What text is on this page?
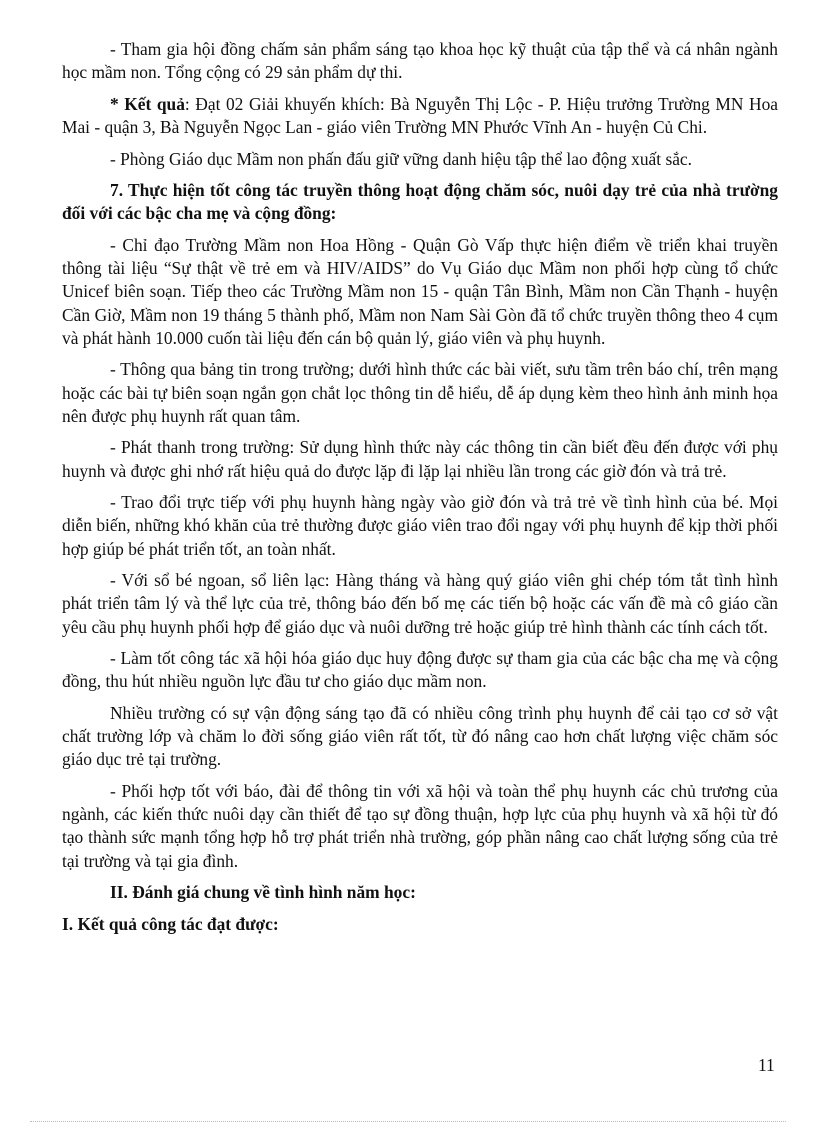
- Tham gia hội đồng chấm sản phẩm sáng tạo khoa học kỹ thuật của tập thể và cá nhân ngành học mầm non. Tổng cộng có 29 sản phẩm dự thi.

* Kết quả: Đạt 02 Giải khuyến khích: Bà Nguyễn Thị Lộc - P. Hiệu trưởng Trường MN Hoa Mai - quận 3, Bà Nguyễn Ngọc Lan - giáo viên Trường MN Phước Vĩnh An - huyện Củ Chi.

- Phòng Giáo dục Mầm non phấn đấu giữ vững danh hiệu tập thể lao động xuất sắc.

7. Thực hiện tốt công tác truyền thông hoạt động chăm sóc, nuôi dạy trẻ của nhà trường đối với các bậc cha mẹ và cộng đồng:

- Chỉ đạo Trường Mầm non Hoa Hồng - Quận Gò Vấp thực hiện điểm về triển khai truyền thông tài liệu “Sự thật về trẻ em và HIV/AIDS” do Vụ Giáo dục Mầm non phối hợp cùng tổ chức Unicef biên soạn. Tiếp theo các Trường Mầm non 15 - quận Tân Bình, Mầm non Cần Thạnh - huyện Cần Giờ, Mầm non 19 tháng 5 thành phố, Mầm non Nam Sài Gòn đã tổ chức truyền thông theo 4 cụm và phát hành 10.000 cuốn tài liệu đến cán bộ quản lý, giáo viên và phụ huynh.

- Thông qua bảng tin trong trường; dưới hình thức các bài viết, sưu tầm trên báo chí, trên mạng hoặc các bài tự biên soạn ngắn gọn chắt lọc thông tin dễ hiểu, dễ áp dụng kèm theo hình ảnh minh họa nên được phụ huynh rất quan tâm.

- Phát thanh trong trường: Sử dụng hình thức này các thông tin cần biết đều đến được với phụ huynh và được ghi nhớ rất hiệu quả do được lặp đi lặp lại nhiều lần trong các giờ đón và trả trẻ.

- Trao đổi trực tiếp với phụ huynh hàng ngày vào giờ đón và trả trẻ về tình hình của bé. Mọi diễn biến, những khó khăn của trẻ thường được giáo viên trao đổi ngay với phụ huynh để kịp thời phối hợp giúp bé phát triển tốt, an toàn nhất.

- Với sổ bé ngoan, sổ liên lạc: Hàng tháng và hàng quý giáo viên ghi chép tóm tắt tình hình phát triển tâm lý và thể lực của trẻ, thông báo đến bố mẹ các tiến bộ hoặc các vấn đề mà cô giáo cần yêu cầu phụ huynh phối hợp để giáo dục và nuôi dưỡng trẻ hoặc giúp trẻ hình thành các tính cách tốt.

- Làm tốt công tác xã hội hóa giáo dục huy động được sự tham gia của các bậc cha mẹ và cộng đồng, thu hút nhiều nguồn lực đầu tư cho giáo dục mầm non.

Nhiều trường có sự vận động sáng tạo đã có nhiều công trình phụ huynh để cải tạo cơ sở vật chất trường lớp và chăm lo đời sống giáo viên rất tốt, từ đó nâng cao hơn chất lượng việc chăm sóc giáo dục trẻ tại trường.

- Phối hợp tốt với báo, đài để thông tin với xã hội và toàn thể phụ huynh các chủ trương của ngành, các kiến thức nuôi dạy cần thiết để tạo sự đồng thuận, hợp lực của phụ huynh và xã hội từ đó tạo thành sức mạnh tổng hợp hỗ trợ phát triển nhà trường, góp phần nâng cao chất lượng sống của trẻ tại trường và tại gia đình.

II. Đánh giá chung về tình hình năm học:

I. Kết quả công tác đạt được:

11
